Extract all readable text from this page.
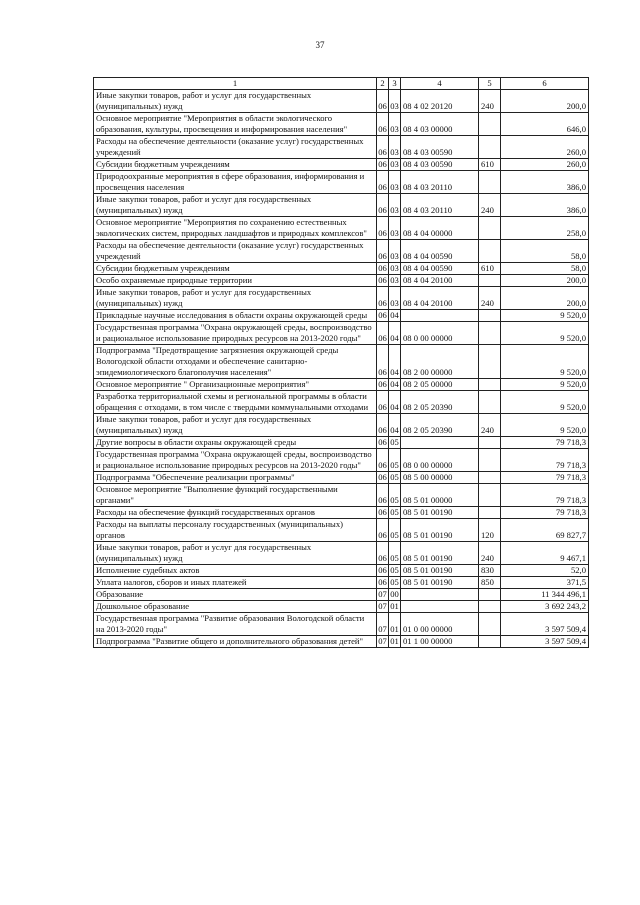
37
1	2	3	4	5	6
Иные закупки товаров, работ и услуг для государственных (муниципальных) нужд	06	03	08 4 02 20120	240	200,0
Основное мероприятие "Мероприятия в области экологического образования, культуры, просвещения и информирования населения"	06	03	08 4 03 00000		646,0
Расходы на обеспечение деятельности (оказание услуг) государственных учреждений	06	03	08 4 03 00590		260,0
Субсидии бюджетным учреждениям	06	03	08 4 03 00590	610	260,0
Природоохранные мероприятия в сфере образования, информирования и просвещения населения	06	03	08 4 03 20110		386,0
Иные закупки товаров, работ и услуг для государственных (муниципальных) нужд	06	03	08 4 03 20110	240	386,0
Основное мероприятие "Мероприятия по сохранению естественных экологических систем, природных ландшафтов и природных комплексов"	06	03	08 4 04 00000		258,0
Расходы на обеспечение деятельности (оказание услуг) государственных учреждений	06	03	08 4 04 00590		58,0
Субсидии бюджетным учреждениям	06	03	08 4 04 00590	610	58,0
Особо охраняемые природные территории	06	03	08 4 04 20100		200,0
Иные закупки товаров, работ и услуг для государственных (муниципальных) нужд	06	03	08 4 04 20100	240	200,0
Прикладные научные исследования в области охраны окружающей среды	06	04			9 520,0
Государственная программа "Охрана окружающей среды, воспроизводство и рациональное использование природных ресурсов на 2013-2020 годы"	06	04	08 0 00 00000		9 520,0
Подпрограмма "Предотвращение загрязнения окружающей среды Вологодской области отходами и обеспечение санитарно-эпидемиологического благополучия населения"	06	04	08 2 00 00000		9 520,0
Основное мероприятие " Организационные мероприятия"	06	04	08 2 05 00000		9 520,0
Разработка территориальной схемы и региональной программы в области обращения с отходами, в том числе с твердыми коммунальными отходами	06	04	08 2 05 20390		9 520,0
Иные закупки товаров, работ и услуг для государственных (муниципальных) нужд	06	04	08 2 05 20390	240	9 520,0
Другие вопросы в области охраны окружающей среды	06	05			79 718,3
Государственная программа "Охрана окружающей среды, воспроизводство и рациональное использование природных ресурсов на 2013-2020 годы"	06	05	08 0 00 00000		79 718,3
Подпрограмма "Обеспечение реализации программы"	06	05	08 5 00 00000		79 718,3
Основное мероприятие "Выполнение функций государственными органами"	06	05	08 5 01 00000		79 718,3
Расходы на обеспечение функций государственных органов	06	05	08 5 01 00190		79 718,3
Расходы на выплаты персоналу государственных (муниципальных) органов	06	05	08 5 01 00190	120	69 827,7
Иные закупки товаров, работ и услуг для государственных (муниципальных) нужд	06	05	08 5 01 00190	240	9 467,1
Исполнение судебных актов	06	05	08 5 01 00190	830	52,0
Уплата налогов, сборов и иных платежей	06	05	08 5 01 00190	850	371,5
Образование	07	00			11 344 496,1
Дошкольное образование	07	01			3 692 243,2
Государственная программа "Развитие образования Вологодской области на 2013-2020 годы"	07	01	01 0 00 00000		3 597 509,4
Подпрограмма "Развитие общего и дополнительного образования детей"	07	01	01 1 00 00000		3 597 509,4
